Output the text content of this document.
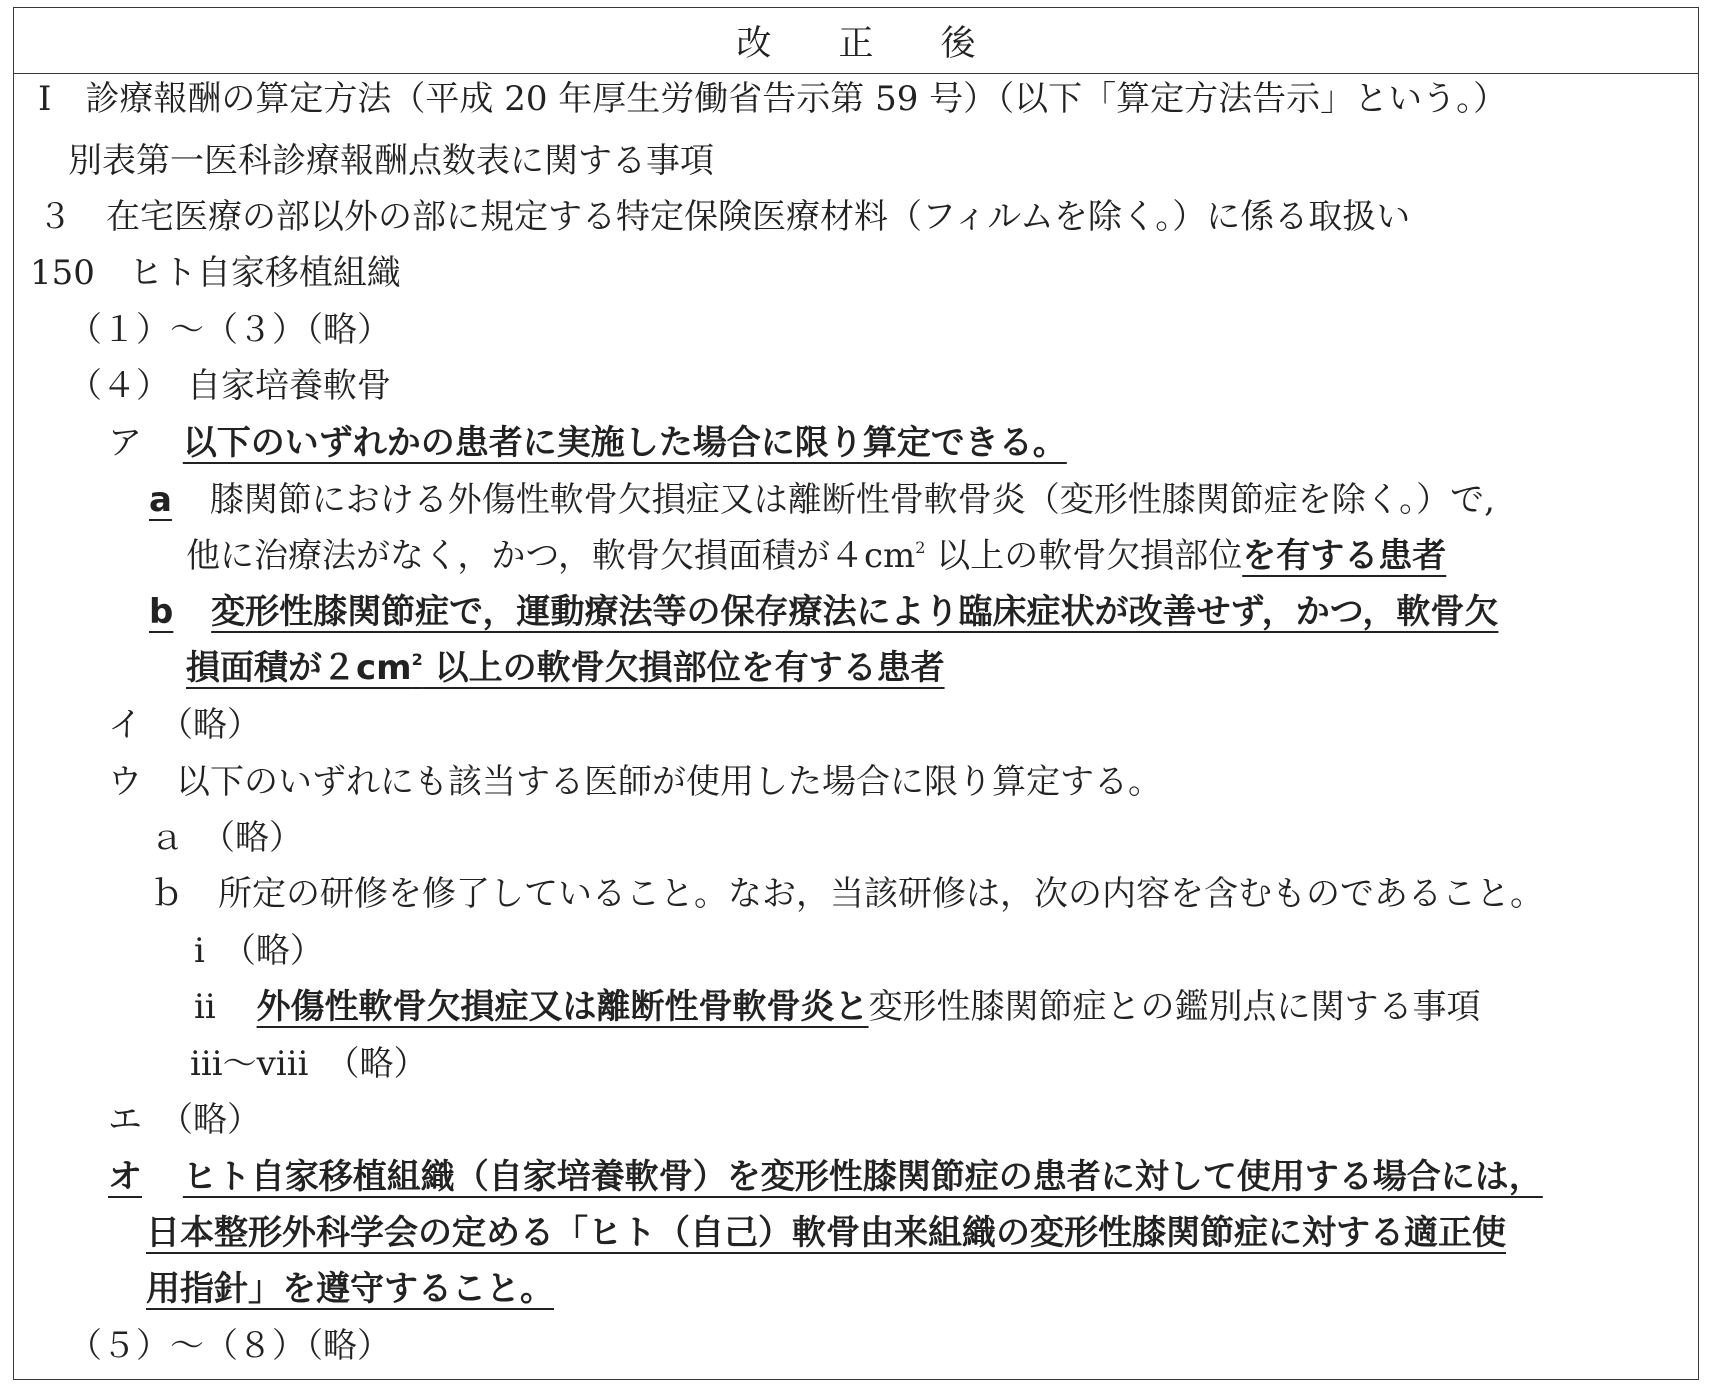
改 正 後
Ⅰ　診療報酬の算定方法（平成 20 年厚生労働省告示第 59 号）（以下「算定方法告示」という。）
別表第一医科診療報酬点数表に関する事項
３　在宅医療の部以外の部に規定する特定保険医療材料（フィルムを除く。）に係る取扱い
150　ヒト自家移植組織
（１）～（３）（略）
（４）　自家培養軟骨
ア 以下のいずれかの患者に実施した場合に限り算定できる。
a 膝関節における外傷性軟骨欠損症又は離断性骨軟骨炎（変形性膝関節症を除く。）で,
他に治療法がなく，かつ，軟骨欠損面積が$4cm^2$ 以上の軟骨欠損部位を有する患者
b 変形性膝関節症で，運動療法等の保存療法により臨床症状が改善せず，かつ，軟骨欠
損面積が$2cm^2$ 以上の軟骨欠損部位を有する患者
イ　（略）
ウ　以下のいずれにも該当する医師が使用した場合に限り算定する。
ａ　（略）
ｂ　所定の研修を修了していること。なお，当該研修は，次の内容を含むものであること。
ⅰ　（略）
ⅱ 外傷性軟骨欠損症又は離断性骨軟骨炎と変形性膝関節症との鑑別点に関する事項
ⅲ～ⅷ　（略）
エ　（略）
オ ヒト自家移植組織（自家培養軟骨）を変形性膝関節症の患者に対して使用する場合には，
日本整形外科学会の定める「ヒト（自己）軟骨由来組織の変形性膝関節症に対する適正使
用指針」を遵守すること。
（５）～（８）（略）
